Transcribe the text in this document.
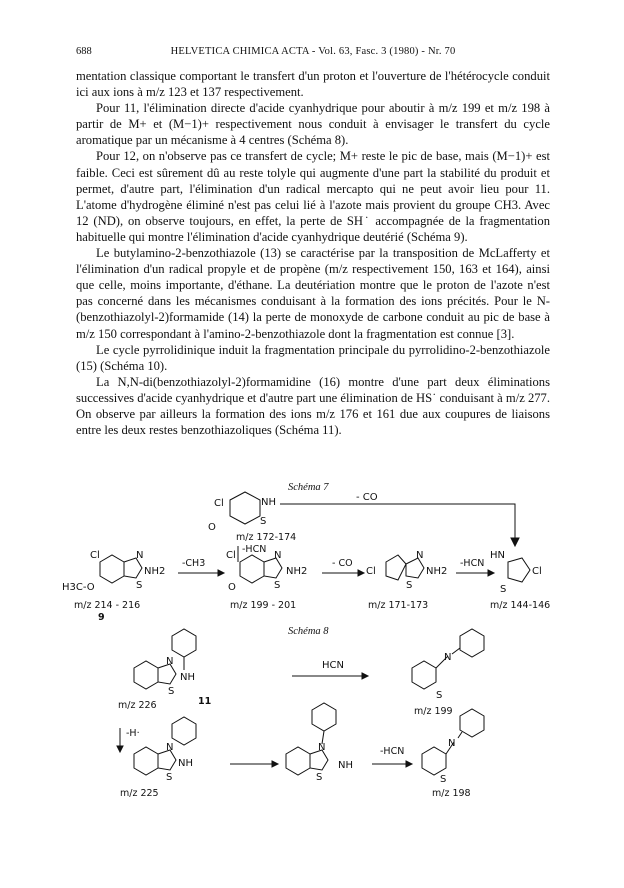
688	HELVETICA CHIMICA ACTA - Vol. 63, Fasc. 3 (1980) - Nr. 70

mentation classique comportant le transfert d'un proton et l'ouverture de l'hétérocycle conduit ici aux ions à m/z 123 et 137 respectivement.

Pour 11, l'élimination directe d'acide cyanhydrique pour aboutir à m/z 199 et m/z 198 à partir de M+ et (M−1)+ respectivement nous conduit à envisager le transfert du cycle aromatique par un mécanisme à 4 centres (Schéma 8).

Pour 12, on n'observe pas ce transfert de cycle; M+ reste le pic de base, mais (M−1)+ est faible. Ceci est sûrement dû au reste tolyle qui augmente d'une part la stabilité du produit et permet, d'autre part, l'élimination d'un radical mercapto qui ne peut avoir lieu pour 11. L'atome d'hydrogène éliminé n'est pas celui lié à l'azote mais provient du groupe CH3. Avec 12 (ND), on observe toujours, en effet, la perte de SH˙ accompagnée de la fragmentation habituelle qui montre l'élimination d'acide cyanhydrique deutérié (Schéma 9).

Le butylamino-2-benzothiazole (13) se caractérise par la transposition de McLafferty et l'élimination d'un radical propyle et de propène (m/z respectivement 150, 163 et 164), ainsi que celle, moins importante, d'éthane. La deutériation montre que le proton de l'azote n'est pas concerné dans les mécanismes conduisant à la formation des ions précités. Pour le N-(benzothiazolyl-2)formamide (14) la perte de monoxyde de carbone conduit au pic de base à m/z 150 correspondant à l'amino-2-benzothiazole dont la fragmentation est connue [3].

Le cycle pyrrolidinique induit la fragmentation principale du pyrrolidino-2-benzothiazole (15) (Schéma 10).

La N,N-di(benzothiazolyl-2)formamidine (16) montre d'une part deux éliminations successives d'acide cyanhydrique et d'autre part une élimination de HS˙ conduisant à m/z 277. On observe par ailleurs la formation des ions m/z 176 et 161 due aux coupures de liaisons entre les deux restes benzothiazoliques (Schéma 11).

Schéma 7
Cl	NH
S
O
m/z 172-174
-HCN
- CO
Cl	N
S
NH2
H3C-O
m/z 214 - 216
9
-CH3
Cl	N
S
NH2
O
m/z 199 - 201
- CO
Cl
N
S
NH2
m/z 171-173
-HCN
HN
Cl
S
m/z 144-146
Schéma 8
N
S
NH
m/z 226	11
HCN
N
S
m/z 199
-H·
N
S
NH
m/z 225
N
S
NH
-HCN
N
S
m/z 198
